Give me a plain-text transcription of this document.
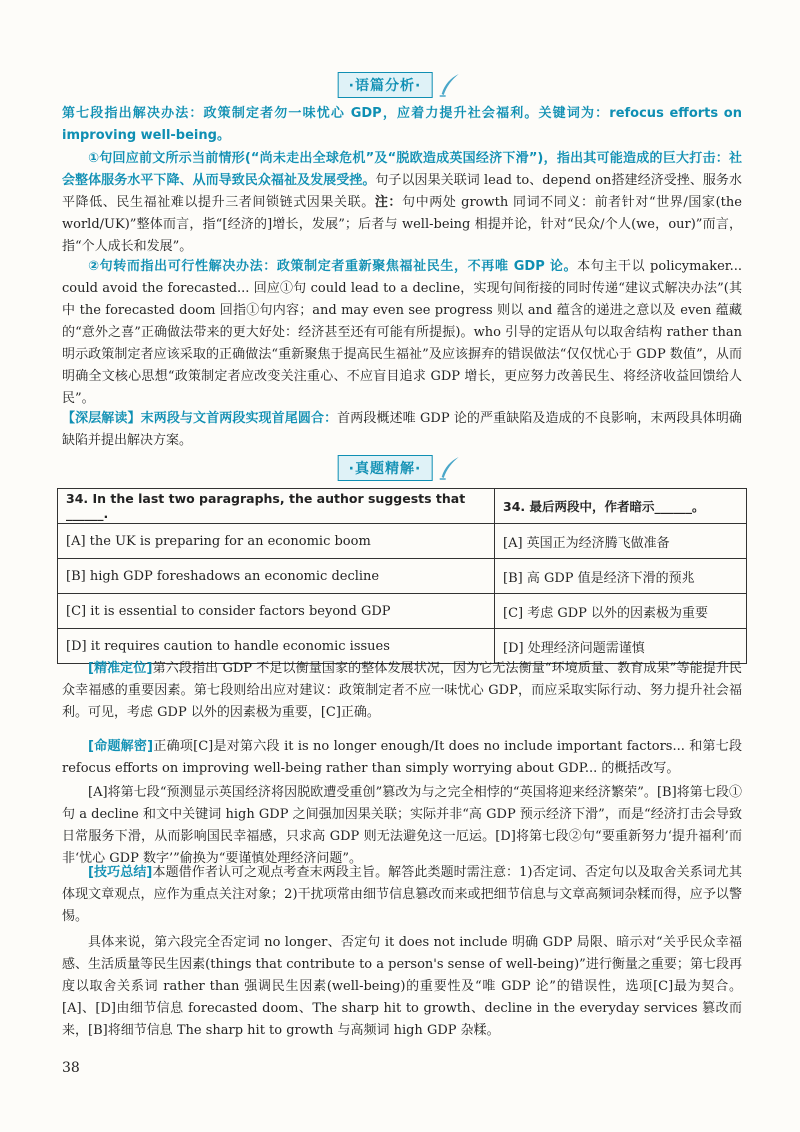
·语篇分析·
第七段指出解决办法：政策制定者勿一味忧心 GDP，应着力提升社会福利。关键词为：refocus efforts on improving well-being。
①句回应前文所示当前情形(“尚未走出全球危机”及“脱欧造成英国经济下滑”)，指出其可能造成的巨大打击：社会整体服务水平下降、从而导致民众福祉及发展受挫。句子以因果关联词 lead to、depend on搭建经济受挫、服务水平降低、民生福祉难以提升三者间锁链式因果关联。注：句中两处 growth 同词不同义：前者针对“世界/国家(the world/UK)”整体而言，指“[经济的]增长，发展”；后者与 well-being 相提并论，针对“民众/个人(we，our)”而言，指“个人成长和发展”。
②句转而指出可行性解决办法：政策制定者重新聚焦福祉民生，不再唯 GDP 论。本句主干以 policymaker... could avoid the forecasted... 回应①句 could lead to a decline，实现句间衔接的同时传递“建议式解决办法”(其中 the forecasted doom 回指①句内容；and may even see progress 则以 and 蕴含的递进之意以及 even 蕴藏的“意外之喜”正确做法带来的更大好处：经济甚至还有可能有所提振)。who 引导的定语从句以取舍结构 rather than 明示政策制定者应该采取的正确做法“重新聚焦于提高民生福祉”及应该摒弃的错误做法“仅仅忧心于 GDP 数值”，从而明确全文核心思想“政策制定者应改变关注重心、不应盲目追求 GDP 增长，更应努力改善民生、将经济收益回馈给人民”。
【深层解读】末两段与文首两段实现首尾圆合：首两段概述唯 GDP 论的严重缺陷及造成的不良影响，末两段具体明确缺陷并提出解决方案。
·真题精解·
34. In the last two paragraphs, the author suggests that ______.	34. 最后两段中，作者暗示______。
[A] the UK is preparing for an economic boom	[A] 英国正为经济腾飞做准备
[B] high GDP foreshadows an economic decline	[B] 高 GDP 值是经济下滑的预兆
[C] it is essential to consider factors beyond GDP	[C] 考虑 GDP 以外的因素极为重要
[D] it requires caution to handle economic issues	[D] 处理经济问题需谨慎
[精准定位]第六段指出 GDP 不足以衡量国家的整体发展状况，因为它无法衡量“环境质量、教育成果”等能提升民众幸福感的重要因素。第七段则给出应对建议：政策制定者不应一味忧心 GDP，而应采取实际行动、努力提升社会福利。可见，考虑 GDP 以外的因素极为重要，[C]正确。
[命题解密]正确项[C]是对第六段 it is no longer enough/It does no include important factors... 和第七段 refocus efforts on improving well-being rather than simply worrying about GDP... 的概括改写。
[A]将第七段“预测显示英国经济将因脱欧遭受重创”篡改为与之完全相悖的“英国将迎来经济繁荣”。[B]将第七段①句 a decline 和文中关键词 high GDP 之间强加因果关联；实际并非“高 GDP 预示经济下滑”，而是“经济打击会导致日常服务下滑，从而影响国民幸福感，只求高 GDP 则无法避免这一厄运。[D]将第七段②句“要重新努力‘提升福利’而非‘忧心 GDP 数字’”偷换为“要谨慎处理经济问题”。
[技巧总结]本题借作者认可之观点考查末两段主旨。解答此类题时需注意：1)否定词、否定句以及取舍关系词尤其体现文章观点，应作为重点关注对象；2)干扰项常由细节信息篡改而来或把细节信息与文章高频词杂糅而得，应予以警惕。
具体来说，第六段完全否定词 no longer、否定句 it does not include 明确 GDP 局限、暗示对“关乎民众幸福感、生活质量等民生因素(things that contribute to a person's sense of well-being)”进行衡量之重要；第七段再度以取舍关系词 rather than 强调民生因素(well-being)的重要性及“唯 GDP 论”的错误性，选项[C]最为契合。[A]、[D]由细节信息 forecasted doom、The sharp hit to growth、decline in the everyday services 篡改而来，[B]将细节信息 The sharp hit to growth 与高频词 high GDP 杂糅。
38
